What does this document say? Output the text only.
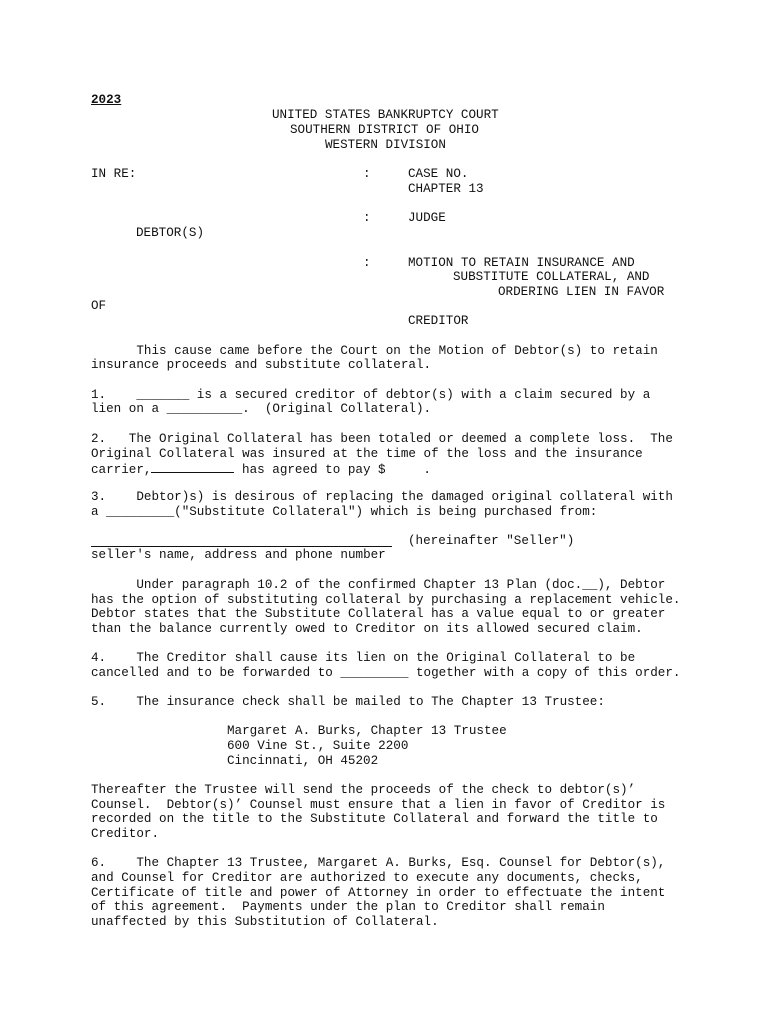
2023
UNITED STATES BANKRUPTCY COURT
SOUTHERN DISTRICT OF OHIO
WESTERN DIVISION
IN RE:	:	CASE NO.
CHAPTER 13
:	JUDGE
DEBTOR(S)
:	MOTION TO RETAIN INSURANCE AND
SUBSTITUTE COLLATERAL, AND
ORDERING LIEN IN FAVOR
OF
CREDITOR
This cause came before the Court on the Motion of Debtor(s) to retain
insurance proceeds and substitute collateral.
1.    _______ is a secured creditor of debtor(s) with a claim secured by a
lien on a __________.  (Original Collateral).
2.   The Original Collateral has been totaled or deemed a complete loss.  The
Original Collateral was insured at the time of the loss and the insurance
carrier,	has agreed to pay $     .
3.    Debtor)s) is desirous of replacing the damaged original collateral with
a _________("Substitute Collateral") which is being purchased from:
(hereinafter "Seller")
seller's name, address and phone number
Under paragraph 10.2 of the confirmed Chapter 13 Plan (doc.__), Debtor
has the option of substituting collateral by purchasing a replacement vehicle.
Debtor states that the Substitute Collateral has a value equal to or greater
than the balance currently owed to Creditor on its allowed secured claim.
4.    The Creditor shall cause its lien on the Original Collateral to be
cancelled and to be forwarded to _________ together with a copy of this order.
5.    The insurance check shall be mailed to The Chapter 13 Trustee:
Margaret A. Burks, Chapter 13 Trustee
600 Vine St., Suite 2200
Cincinnati, OH 45202
Thereafter the Trustee will send the proceeds of the check to debtor(s)’
Counsel.  Debtor(s)’ Counsel must ensure that a lien in favor of Creditor is
recorded on the title to the Substitute Collateral and forward the title to
Creditor.
6.    The Chapter 13 Trustee, Margaret A. Burks, Esq. Counsel for Debtor(s),
and Counsel for Creditor are authorized to execute any documents, checks,
Certificate of title and power of Attorney in order to effectuate the intent
of this agreement.  Payments under the plan to Creditor shall remain
unaffected by this Substitution of Collateral.
